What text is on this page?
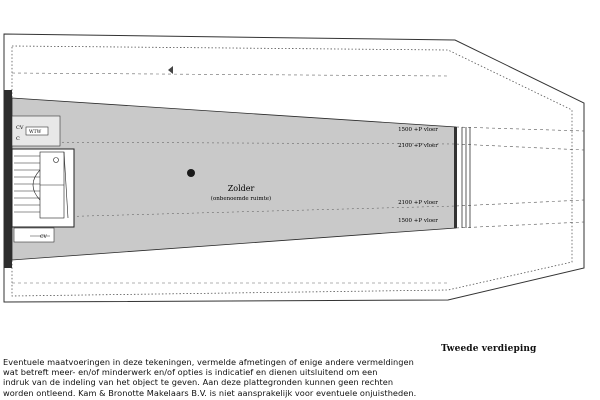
CV
WTW
C
CV
Zolder
(onbenoemde ruimte)
1500 +P vloer
2100 +P vloer
2100 +P vloer
1500 +P vloer
Tweede verdieping
Eventuele maatvoeringen in deze tekeningen, vermelde afmetingen of enige andere vermeldingen
wat betreft meer- en/of minderwerk en/of opties is indicatief en dienen uitsluitend om een
indruk van de indeling van het object te geven. Aan deze plattegronden kunnen geen rechten
worden ontleend. Kam & Bronotte Makelaars B.V. is niet aansprakelijk voor eventuele onjuistheden.
